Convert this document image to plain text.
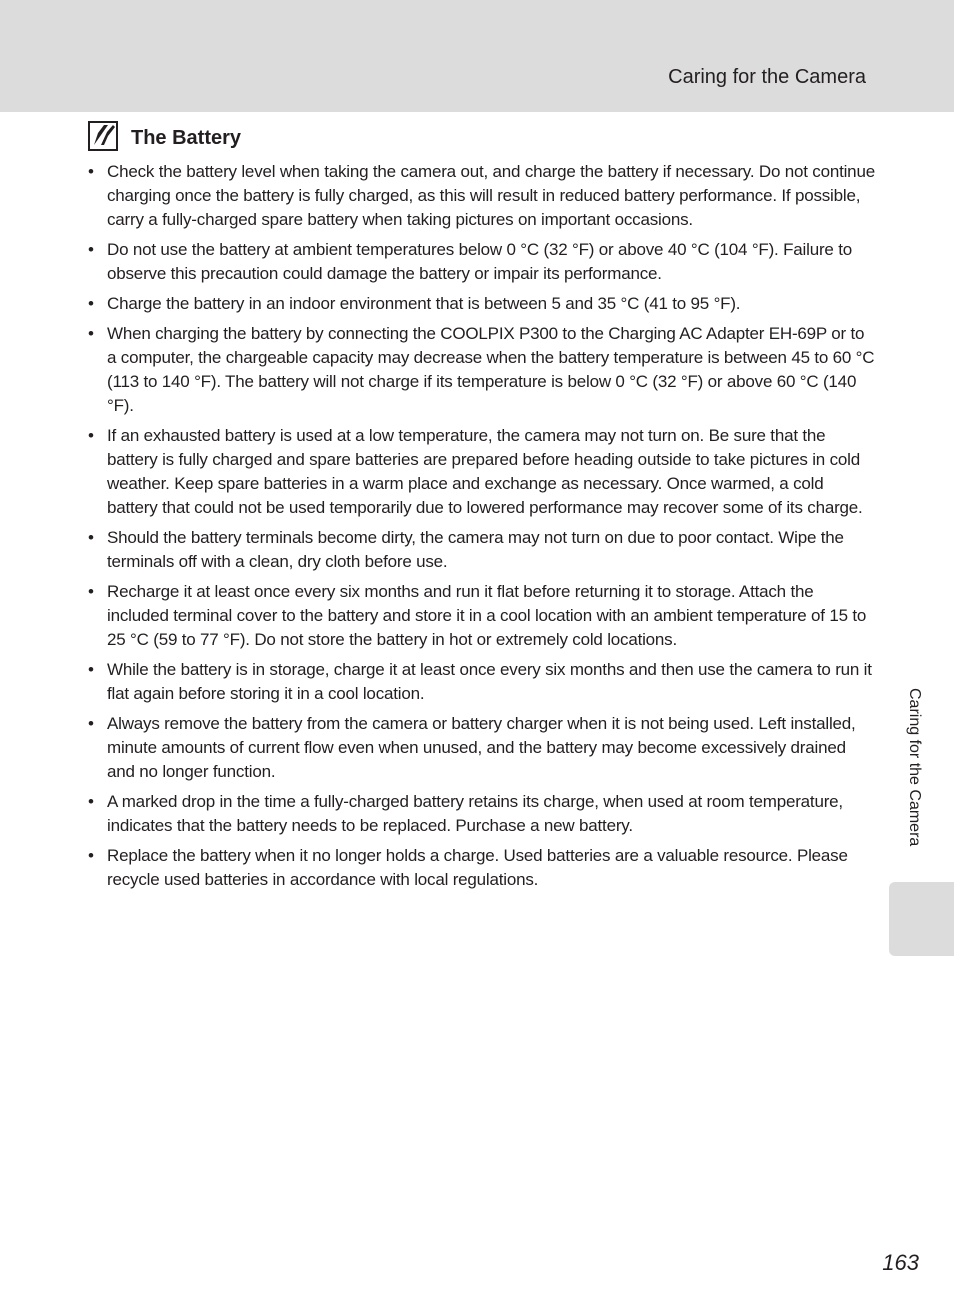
Caring for the Camera
The Battery
• Check the battery level when taking the camera out, and charge the battery if necessary. Do not continue charging once the battery is fully charged, as this will result in reduced battery performance. If possible, carry a fully-charged spare battery when taking pictures on important occasions.
• Do not use the battery at ambient temperatures below 0 °C (32 °F) or above 40 °C (104 °F). Failure to observe this precaution could damage the battery or impair its performance.
• Charge the battery in an indoor environment that is between 5 and 35 °C (41 to 95 °F).
• When charging the battery by connecting the COOLPIX P300 to the Charging AC Adapter EH-69P or to a computer, the chargeable capacity may decrease when the battery temperature is between 45 to 60 °C (113 to 140 °F). The battery will not charge if its temperature is below 0 °C (32 °F) or above 60 °C (140 °F).
• If an exhausted battery is used at a low temperature, the camera may not turn on. Be sure that the battery is fully charged and spare batteries are prepared before heading outside to take pictures in cold weather. Keep spare batteries in a warm place and exchange as necessary. Once warmed, a cold battery that could not be used temporarily due to lowered performance may recover some of its charge.
• Should the battery terminals become dirty, the camera may not turn on due to poor contact. Wipe the terminals off with a clean, dry cloth before use.
• Recharge it at least once every six months and run it flat before returning it to storage. Attach the included terminal cover to the battery and store it in a cool location with an ambient temperature of 15 to 25 °C (59 to 77 °F). Do not store the battery in hot or extremely cold locations.
• While the battery is in storage, charge it at least once every six months and then use the camera to run it flat again before storing it in a cool location.
• Always remove the battery from the camera or battery charger when it is not being used. Left installed, minute amounts of current flow even when unused, and the battery may become excessively drained and no longer function.
• A marked drop in the time a fully-charged battery retains its charge, when used at room temperature, indicates that the battery needs to be replaced. Purchase a new battery.
• Replace the battery when it no longer holds a charge. Used batteries are a valuable resource. Please recycle used batteries in accordance with local regulations.
Caring for the Camera
163
